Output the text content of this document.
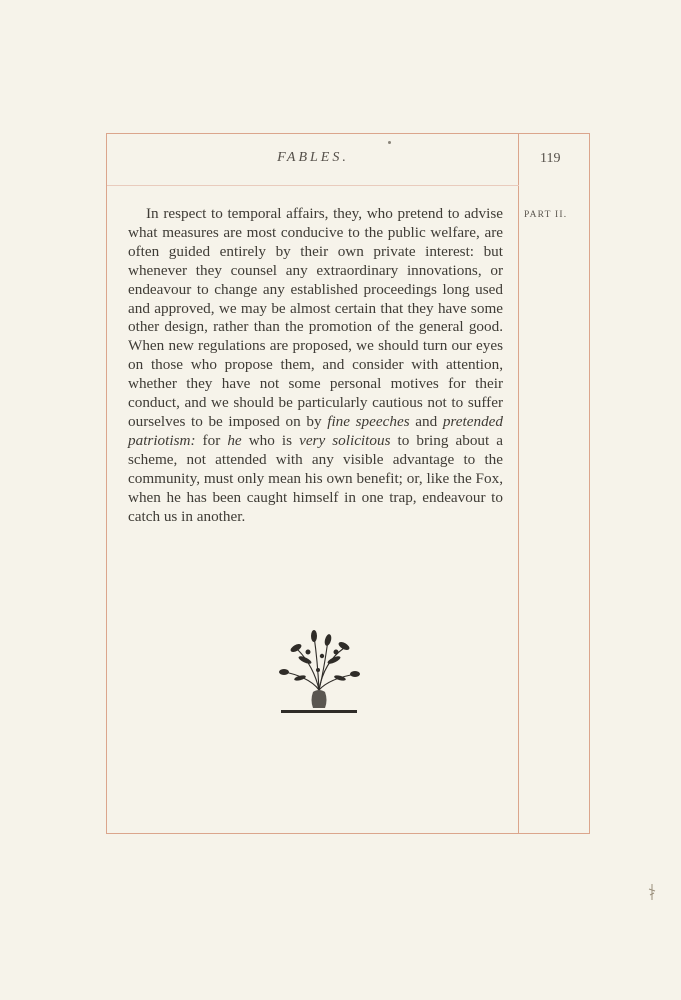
FABLES.	119
PART II.

In respect to temporal affairs, they, who pretend to advise what measures are most conducive to the public welfare, are often guided entirely by their own private interest: but whenever they counsel any extraordinary innovations, or endeavour to change any established proceedings long used and approved, we may be almost certain that they have some other design, rather than the promotion of the general good. When new regulations are proposed, we should turn our eyes on those who propose them, and consider with attention, whether they have not some personal motives for their conduct, and we should be particularly cautious not to suffer ourselves to be imposed on by fine speeches and pretended patriotism: for he who is very solicitous to bring about a scheme, not attended with any visible advantage to the community, must only mean his own benefit; or, like the Fox, when he has been caught himself in one trap, endeavour to catch us in another.
